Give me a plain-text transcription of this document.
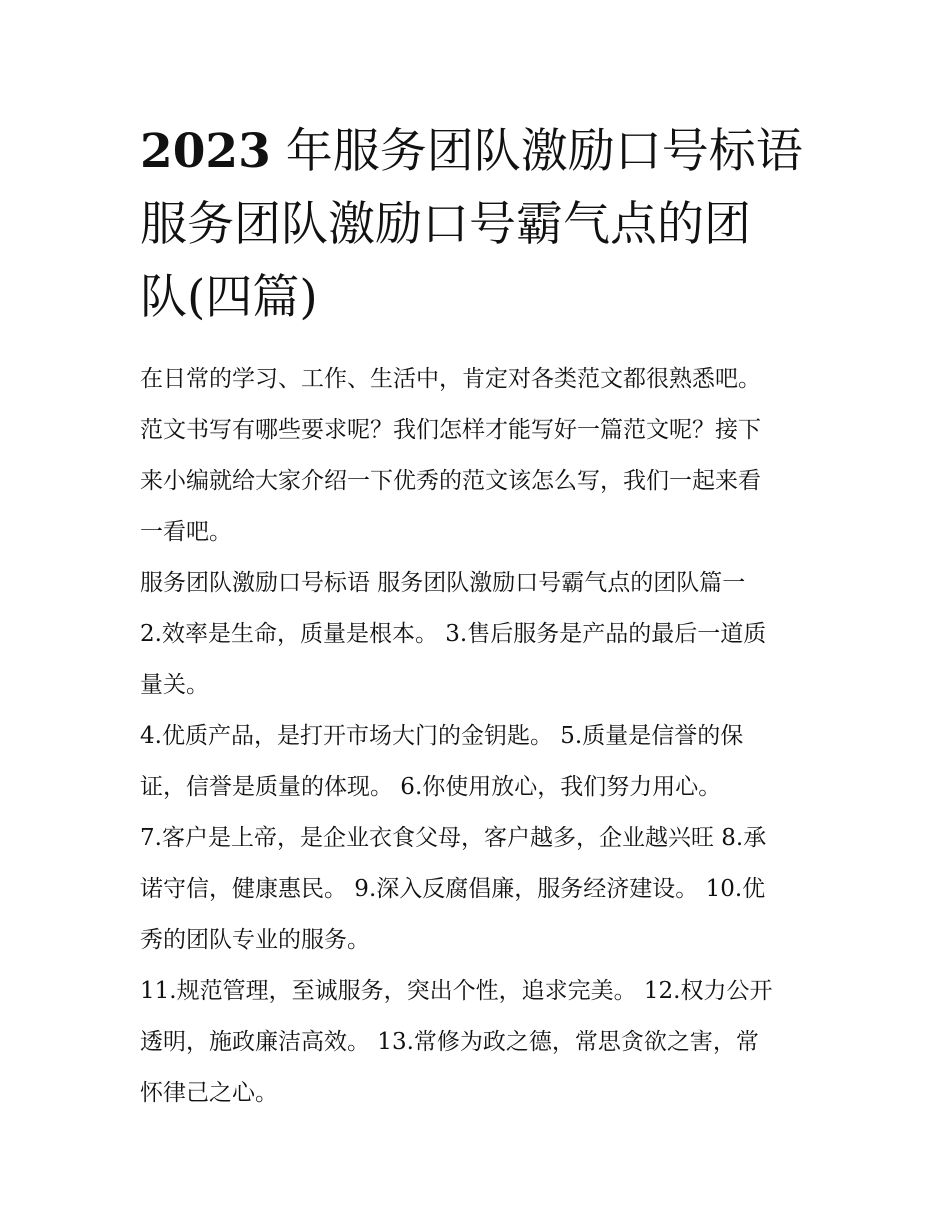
2023 年服务团队激励口号标语
服务团队激励口号霸气点的团
队(四篇)

在日常的学习、工作、生活中，肯定对各类范文都很熟悉吧。
范文书写有哪些要求呢？我们怎样才能写好一篇范文呢？接下
来小编就给大家介绍一下优秀的范文该怎么写，我们一起来看
一看吧。

服务团队激励口号标语 服务团队激励口号霸气点的团队篇一

2.效率是生命，质量是根本。 3.售后服务是产品的最后一道质
量关。

4.优质产品，是打开市场大门的金钥匙。 5.质量是信誉的保
证，信誉是质量的体现。 6.你使用放心，我们努力用心。

7.客户是上帝，是企业衣食父母，客户越多，企业越兴旺 8.承
诺守信，健康惠民。 9.深入反腐倡廉，服务经济建设。 10.优
秀的团队专业的服务。

11.规范管理，至诚服务，突出个性，追求完美。 12.权力公开
透明，施政廉洁高效。 13.常修为政之德，常思贪欲之害，常
怀律己之心。
